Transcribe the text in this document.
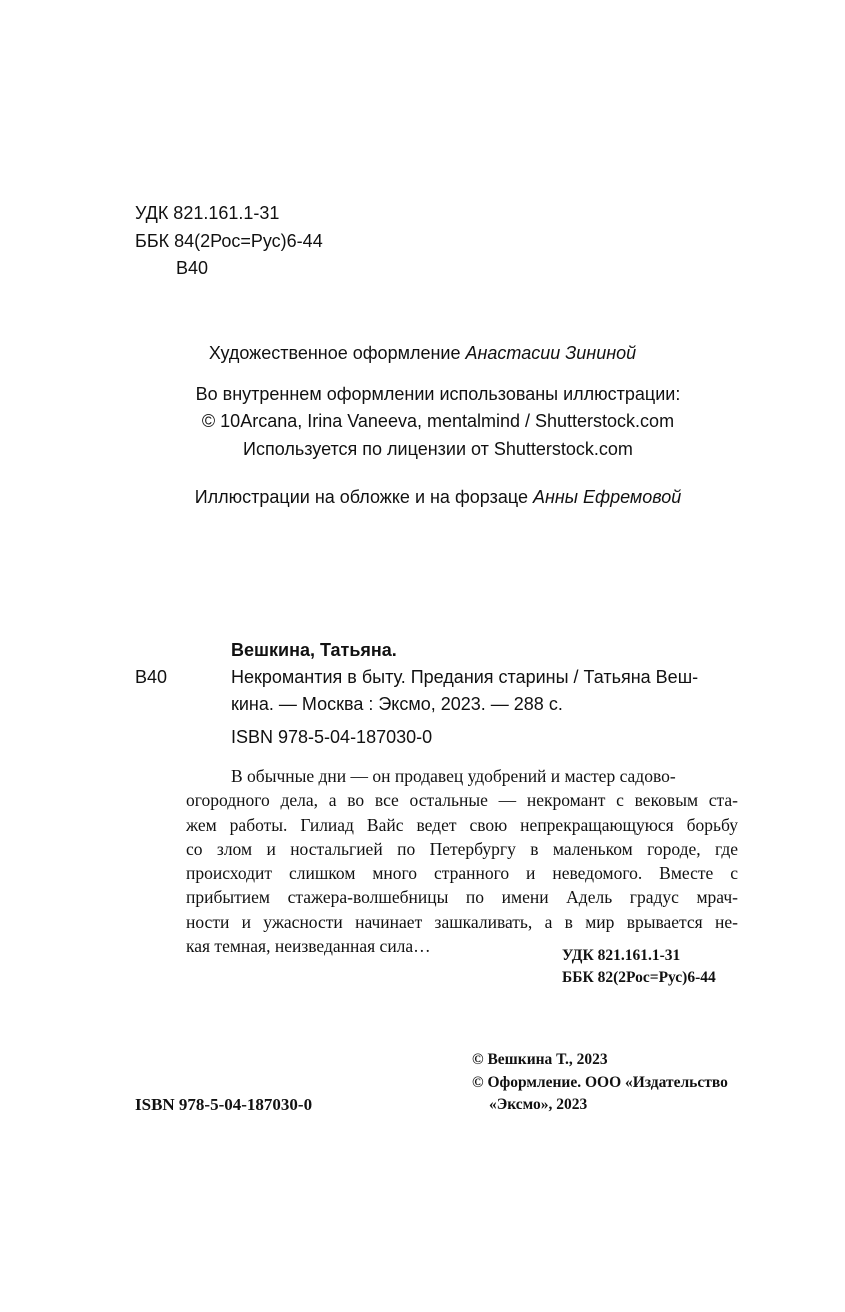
УДК 821.161.1-31
ББК 84(2Рос=Рус)6-44
В40
Художественное оформление Анастасии Зининой
Во внутреннем оформлении использованы иллюстрации:
© 10Arcana, Irina Vaneeva, mentalmind / Shutterstock.com
Используется по лицензии от Shutterstock.com
Иллюстрации на обложке и на форзаце Анны Ефремовой
Вешкина, Татьяна.
В40	Некромантия в быту. Предания старины / Татьяна Веш-
кина. — Москва : Эксмо, 2023. — 288 с.
ISBN 978-5-04-187030-0
В обычные дни — он продавец удобрений и мастер садово-
огородного дела, а во все остальные — некромант с вековым ста-
жем работы. Гилиад Вайс ведет свою непрекращающуюся борьбу
со злом и ностальгией по Петербургу в маленьком городе, где
происходит слишком много странного и неведомого. Вместе с
прибытием стажера-волшебницы по имени Адель градус мрач-
ности и ужасности начинает зашкаливать, а в мир врывается не-
кая темная, неизведанная сила…	УДК 821.161.1-31
ББК 82(2Рос=Рус)6-44
ISBN 978-5-04-187030-0
© Вешкина Т., 2023
© Оформление. ООО «Издательство
«Эксмо», 2023
